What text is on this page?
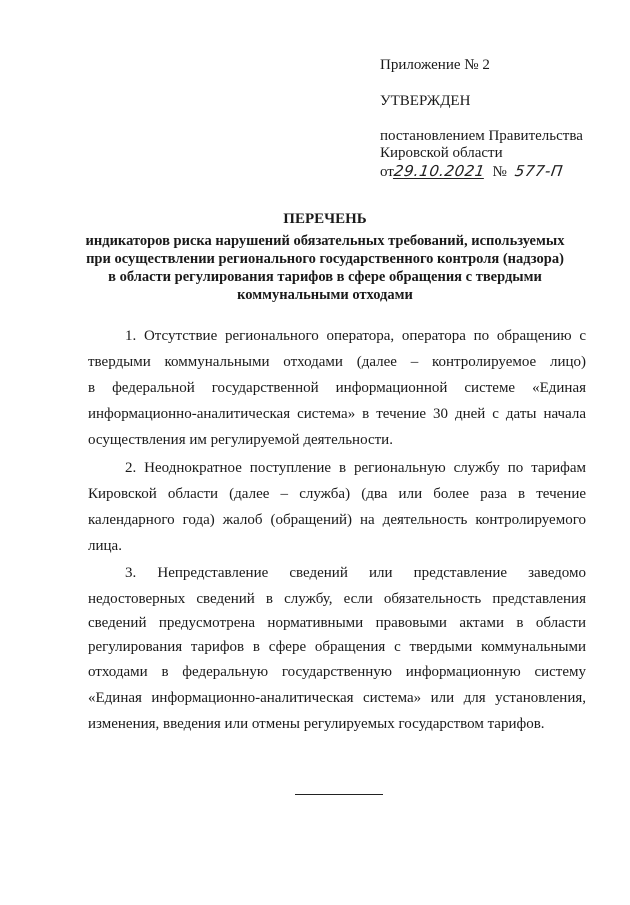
Приложение № 2
УТВЕРЖДЕН
постановлением Правительства
Кировской области
от29.10.2021 № 577-П
ПЕРЕЧЕНЬ
индикаторов риска нарушений обязательных требований, используемых
при осуществлении регионального государственного контроля (надзора)
в области регулирования тарифов в сфере обращения с твердыми
коммунальными отходами
1. Отсутствие регионального оператора, оператора по обращению с
твердыми коммунальными отходами (далее – контролируемое лицо)
в федеральной государственной информационной системе «Единая
информационно-аналитическая система» в течение 30 дней с даты начала
осуществления им регулируемой деятельности.
2. Неоднократное поступление в региональную службу по тарифам
Кировской области (далее – служба) (два или более раза в течение
календарного года) жалоб (обращений) на деятельность контролируемого
лица.
3. Непредставление сведений или представление заведомо
недостоверных сведений в службу, если обязательность представления
сведений предусмотрена нормативными правовыми актами в области
регулирования тарифов в сфере обращения с твердыми коммунальными
отходами в федеральную государственную информационную систему
«Единая информационно-аналитическая система» или для установления,
изменения, введения или отмены регулируемых государством тарифов.
